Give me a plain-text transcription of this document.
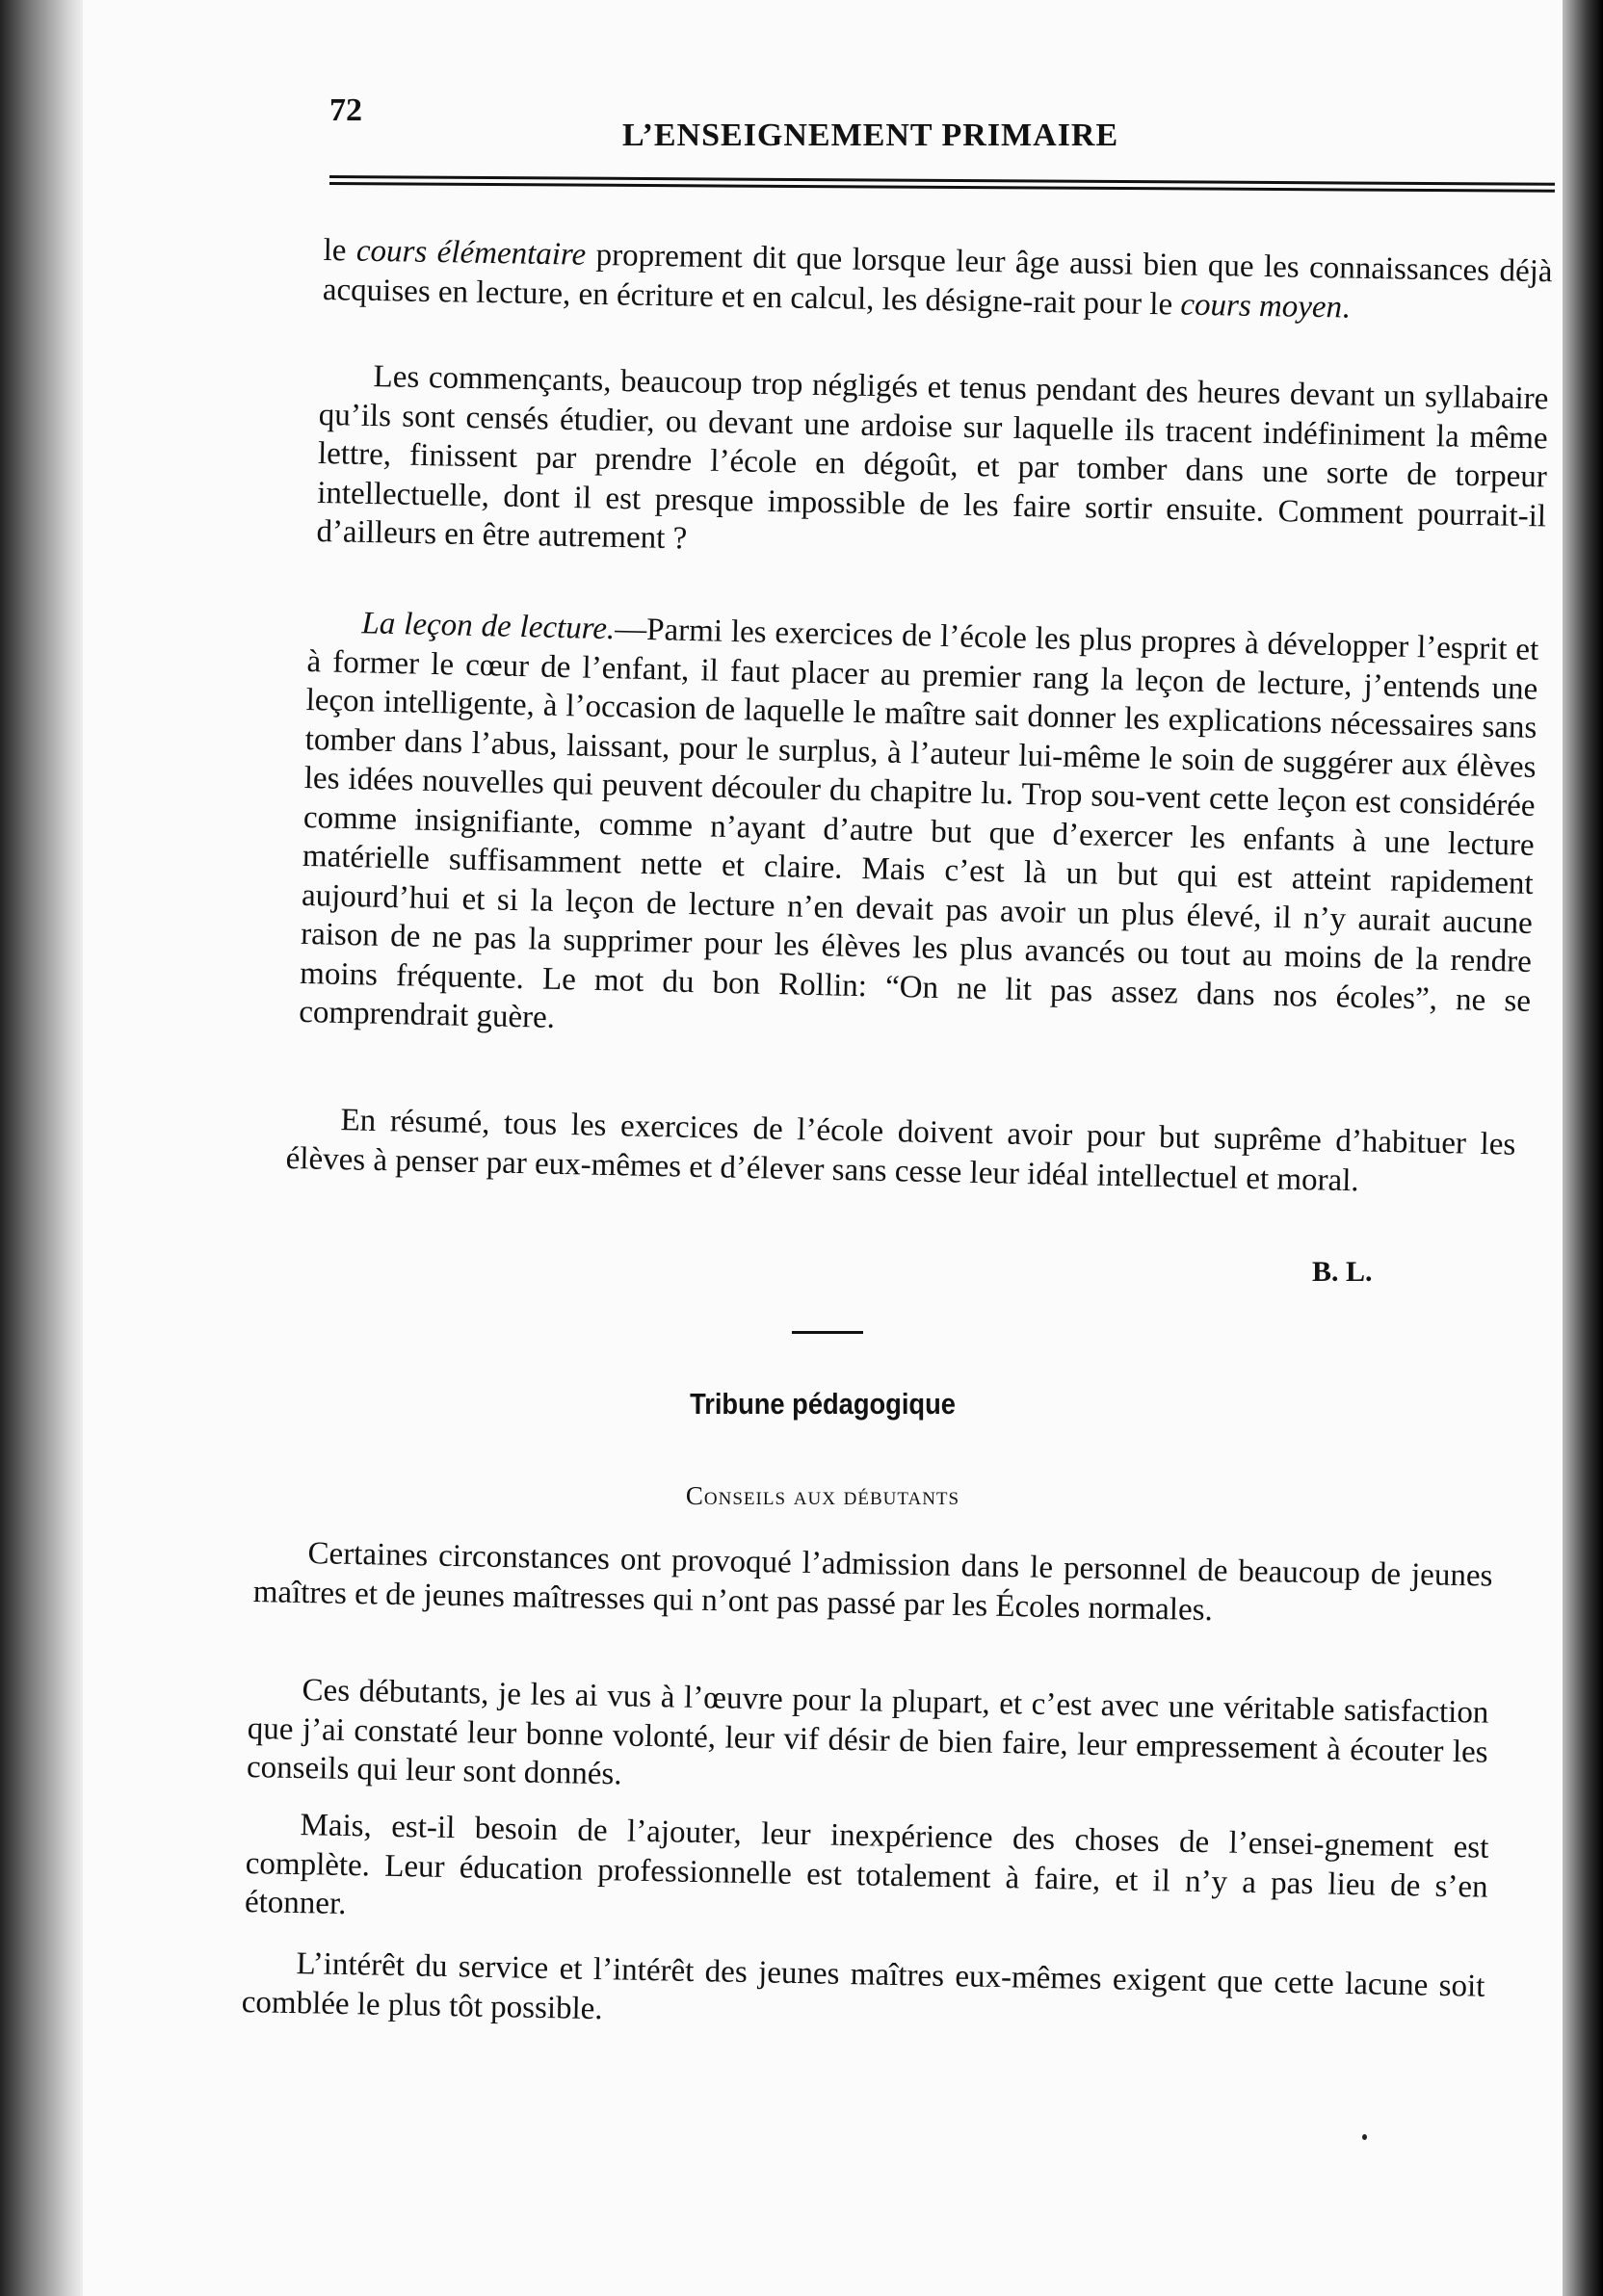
72
L’ENSEIGNEMENT PRIMAIRE

le cours élémentaire proprement dit que lorsque leur âge aussi bien que les connaissances déjà acquises en lecture, en écriture et en calcul, les désigne-rait pour le cours moyen.

Les commençants, beaucoup trop négligés et tenus pendant des heures devant un syllabaire qu’ils sont censés étudier, ou devant une ardoise sur laquelle ils tracent indéfiniment la même lettre, finissent par prendre l’école en dégoût, et par tomber dans une sorte de torpeur intellectuelle, dont il est presque impossible de les faire sortir ensuite. Comment pourrait-il d’ailleurs en être autrement ?

La leçon de lecture.—Parmi les exercices de l’école les plus propres à développer l’esprit et à former le cœur de l’enfant, il faut placer au premier rang la leçon de lecture, j’entends une leçon intelligente, à l’occasion de laquelle le maître sait donner les explications nécessaires sans tomber dans l’abus, laissant, pour le surplus, à l’auteur lui-même le soin de suggérer aux élèves les idées nouvelles qui peuvent découler du chapitre lu. Trop sou-vent cette leçon est considérée comme insignifiante, comme n’ayant d’autre but que d’exercer les enfants à une lecture matérielle suffisamment nette et claire. Mais c’est là un but qui est atteint rapidement aujourd’hui et si la leçon de lecture n’en devait pas avoir un plus élevé, il n’y aurait aucune raison de ne pas la supprimer pour les élèves les plus avancés ou tout au moins de la rendre moins fréquente. Le mot du bon Rollin: “On ne lit pas assez dans nos écoles”, ne se comprendrait guère.

En résumé, tous les exercices de l’école doivent avoir pour but suprême d’habituer les élèves à penser par eux-mêmes et d’élever sans cesse leur idéal intellectuel et moral.

B. L.
Tribune pédagogique
Conseils aux débutants

Certaines circonstances ont provoqué l’admission dans le personnel de beaucoup de jeunes maîtres et de jeunes maîtresses qui n’ont pas passé par les Écoles normales.

Ces débutants, je les ai vus à l’œuvre pour la plupart, et c’est avec une véritable satisfaction que j’ai constaté leur bonne volonté, leur vif désir de bien faire, leur empressement à écouter les conseils qui leur sont donnés.

Mais, est-il besoin de l’ajouter, leur inexpérience des choses de l’ensei-gnement est complète. Leur éducation professionnelle est totalement à faire, et il n’y a pas lieu de s’en étonner.

L’intérêt du service et l’intérêt des jeunes maîtres eux-mêmes exigent que cette lacune soit comblée le plus tôt possible.
